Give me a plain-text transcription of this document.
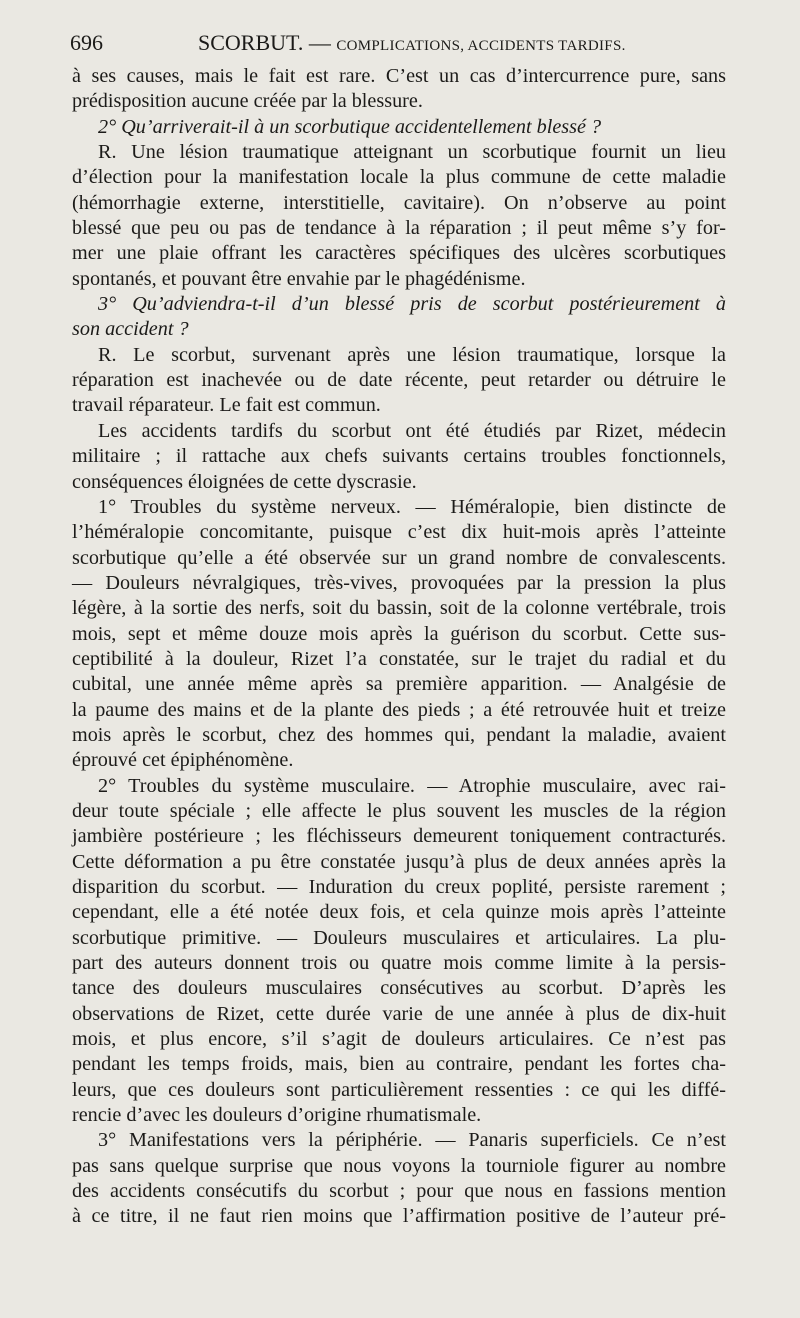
696	SCORBUT. — COMPLICATIONS, ACCIDENTS TARDIFS.

à ses causes, mais le fait est rare. C’est un cas d’intercurrence pure, sans

prédisposition aucune créée par la blessure.

2° Qu’arriverait-il à un scorbutique accidentellement blessé ?

R. Une lésion traumatique atteignant un scorbutique fournit un lieu

d’élection pour la manifestation locale la plus commune de cette maladie

(hémorrhagie externe, interstitielle, cavitaire). On n’observe au point

blessé que peu ou pas de tendance à la réparation ; il peut même s’y for-

mer une plaie offrant les caractères spécifiques des ulcères scorbutiques

spontanés, et pouvant être envahie par le phagédénisme.

3° Qu’adviendra-t-il d’un blessé pris de scorbut postérieurement à

son accident ?

R. Le scorbut, survenant après une lésion traumatique, lorsque la

réparation est inachevée ou de date récente, peut retarder ou détruire le

travail réparateur. Le fait est commun.

Les accidents tardifs du scorbut ont été étudiés par Rizet, médecin

militaire ; il rattache aux chefs suivants certains troubles fonctionnels,

conséquences éloignées de cette dyscrasie.

1° Troubles du système nerveux. — Héméralopie, bien distincte de

l’héméralopie concomitante, puisque c’est dix huit-mois après l’atteinte

scorbutique qu’elle a été observée sur un grand nombre de convalescents.

— Douleurs névralgiques, très-vives, provoquées par la pression la plus

légère, à la sortie des nerfs, soit du bassin, soit de la colonne vertébrale, trois

mois, sept et même douze mois après la guérison du scorbut. Cette sus-

ceptibilité à la douleur, Rizet l’a constatée, sur le trajet du radial et du

cubital, une année même après sa première apparition. — Analgésie de

la paume des mains et de la plante des pieds ; a été retrouvée huit et treize

mois après le scorbut, chez des hommes qui, pendant la maladie, avaient

éprouvé cet épiphénomène.

2° Troubles du système musculaire. — Atrophie musculaire, avec rai-

deur toute spéciale ; elle affecte le plus souvent les muscles de la région

jambière postérieure ; les fléchisseurs demeurent toniquement contracturés.

Cette déformation a pu être constatée jusqu’à plus de deux années après la

disparition du scorbut. — Induration du creux poplité, persiste rarement ;

cependant, elle a été notée deux fois, et cela quinze mois après l’atteinte

scorbutique primitive. — Douleurs musculaires et articulaires. La plu-

part des auteurs donnent trois ou quatre mois comme limite à la persis-

tance des douleurs musculaires consécutives au scorbut. D’après les

observations de Rizet, cette durée varie de une année à plus de dix-huit

mois, et plus encore, s’il s’agit de douleurs articulaires. Ce n’est pas

pendant les temps froids, mais, bien au contraire, pendant les fortes cha-

leurs, que ces douleurs sont particulièrement ressenties : ce qui les diffé-

rencie d’avec les douleurs d’origine rhumatismale.

3° Manifestations vers la périphérie. — Panaris superficiels. Ce n’est

pas sans quelque surprise que nous voyons la tourniole figurer au nombre

des accidents consécutifs du scorbut ; pour que nous en fassions mention

à ce titre, il ne faut rien moins que l’affirmation positive de l’auteur pré-
